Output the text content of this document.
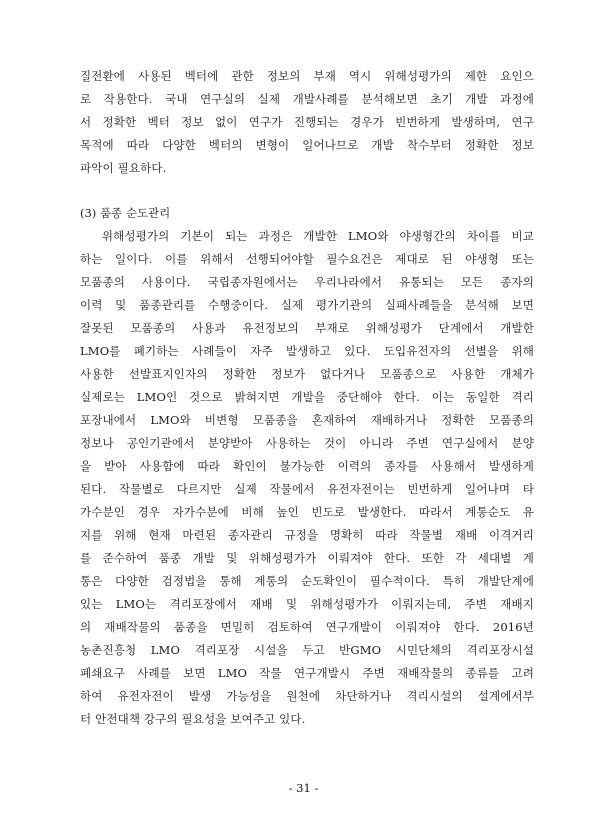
질전환에 사용된 벡터에 관한 정보의 부재 역시 위해성평가의 제한 요인으
로 작용한다. 국내 연구실의 실제 개발사례를 분석해보면 초기 개발 과정에
서 정확한 벡터 정보 없이 연구가 진행되는 경우가 빈번하게 발생하며, 연구
목적에 따라 다양한 벡터의 변형이 일어나므로 개발 착수부터 정확한 정보
파악이 필요하다.
(3) 품종 순도관리
위해성평가의 기본이 되는 과정은 개발한 LMO와 야생형간의 차이를 비교
하는 일이다. 이를 위해서 선행되어야할 필수요건은 제대로 된 야생형 또는
모품종의 사용이다. 국립종자원에서는 우리나라에서 유통되는 모든 종자의
이력 및 품종관리를 수행중이다. 실제 평가기관의 실패사례들을 분석해 보면
잘못된 모품종의 사용과 유전정보의 부재로 위해성평가 단계에서 개발한
LMO를 폐기하는 사례들이 자주 발생하고 있다. 도입유전자의 선별을 위해
사용한 선발표지인자의 정확한 정보가 없다거나 모품종으로 사용한 개체가
실제로는 LMO인 것으로 밝혀지면 개발을 중단해야 한다. 이는 동일한 격리
포장내에서 LMO와 비변형 모품종을 혼재하여 재배하거나 정확한 모품종의
정보나 공인기관에서 분양받아 사용하는 것이 아니라 주변 연구실에서 분양
을 받아 사용함에 따라 확인이 불가능한 이력의 종자를 사용해서 발생하게
된다. 작물별로 다르지만 실제 작물에서 유전자전이는 빈번하게 일어나며 타
가수분인 경우 자가수분에 비해 높인 빈도로 발생한다. 따라서 계통순도 유
지를 위해 현재 마련된 종자관리 규정을 명확히 따라 작물별 재배 이격거리
를 준수하여 품종 개발 및 위해성평가가 이뤄져야 한다. 또한 각 세대별 계
통은 다양한 검정법을 통해 계통의 순도확인이 필수적이다. 특히 개발단계에
있는 LMO는 격리포장에서 재배 및 위해성평가가 이뤄지는데, 주변 재배지
의 재배작물의 품종을 면밀히 검토하여 연구개발이 이뤄져야 한다. 2016년
농촌진흥청 LMO 격리포장 시설을 두고 반GMO 시민단체의 격리포장시설
폐쇄요구 사례를 보면 LMO 작물 연구개발시 주변 재배작물의 종류를 고려
하여 유전자전이 발생 가능성을 원천에 차단하거나 격리시설의 설계에서부
터 안전대책 강구의 필요성을 보여주고 있다.
- 31 -
